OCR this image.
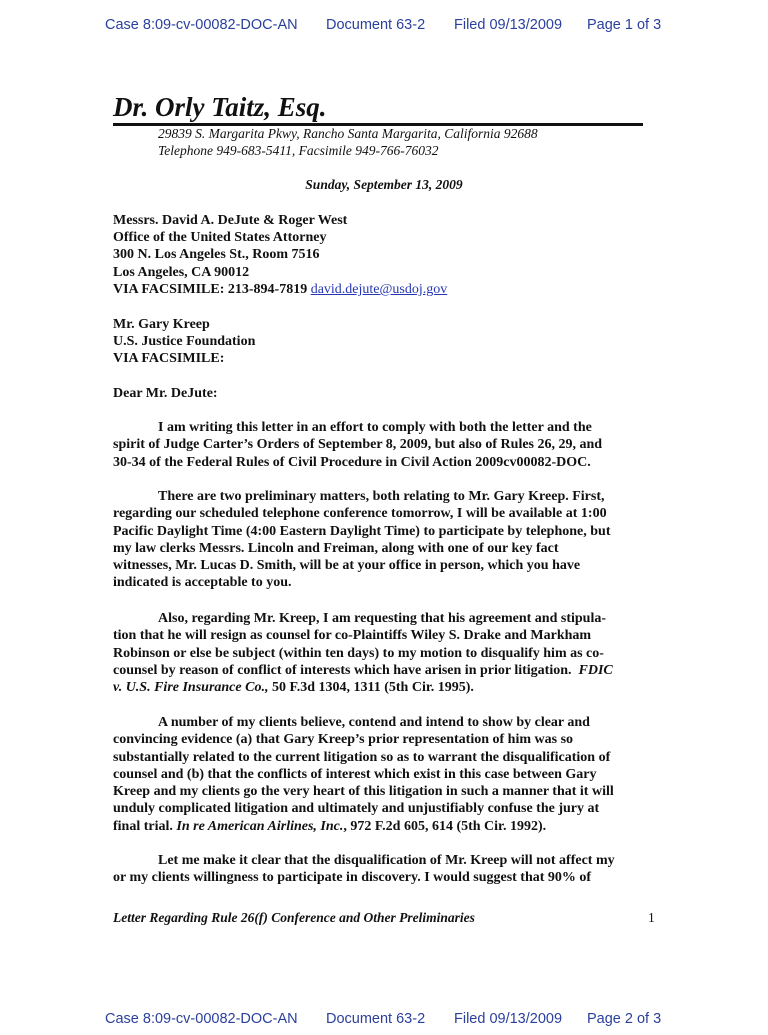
Case 8:09-cv-00082-DOC-AN Document 63-2 Filed 09/13/2009 Page 1 of 3
Dr. Orly Taitz, Esq.
29839 S. Margarita Pkwy, Rancho Santa Margarita, California 92688
Telephone 949-683-5411, Facsimile 949-766-76032
Sunday, September 13, 2009
Messrs. David A. DeJute & Roger West
Office of the United States Attorney
300 N. Los Angeles St., Room 7516
Los Angeles, CA 90012
VIA FACSIMILE: 213-894-7819 david.dejute@usdoj.gov
Mr. Gary Kreep
U.S. Justice Foundation
VIA FACSIMILE:
Dear Mr. DeJute:
I am writing this letter in an effort to comply with both the letter and the
spirit of Judge Carter’s Orders of September 8, 2009, but also of Rules 26, 29, and
30-34 of the Federal Rules of Civil Procedure in Civil Action 2009cv00082-DOC.
There are two preliminary matters, both relating to Mr. Gary Kreep. First,
regarding our scheduled telephone conference tomorrow, I will be available at 1:00
Pacific Daylight Time (4:00 Eastern Daylight Time) to participate by telephone, but
my law clerks Messrs. Lincoln and Freiman, along with one of our key fact
witnesses, Mr. Lucas D. Smith, will be at your office in person, which you have
indicated is acceptable to you.
Also, regarding Mr. Kreep, I am requesting that his agreement and stipula-
tion that he will resign as counsel for co-Plaintiffs Wiley S. Drake and Markham
Robinson or else be subject (within ten days) to my motion to disqualify him as co-
counsel by reason of conflict of interests which have arisen in prior litigation. FDIC
v. U.S. Fire Insurance Co., 50 F.3d 1304, 1311 (5th Cir. 1995).
A number of my clients believe, contend and intend to show by clear and
convincing evidence (a) that Gary Kreep’s prior representation of him was so
substantially related to the current litigation so as to warrant the disqualification of
counsel and (b) that the conflicts of interest which exist in this case between Gary
Kreep and my clients go the very heart of this litigation in such a manner that it will
unduly complicated litigation and ultimately and unjustifiably confuse the jury at
final trial. In re American Airlines, Inc., 972 F.2d 605, 614 (5th Cir. 1992).
Let me make it clear that the disqualification of Mr. Kreep will not affect my
or my clients willingness to participate in discovery. I would suggest that 90% of
Letter Regarding Rule 26(f) Conference and Other Preliminaries	1
Case 8:09-cv-00082-DOC-AN Document 63-2 Filed 09/13/2009 Page 2 of 3
